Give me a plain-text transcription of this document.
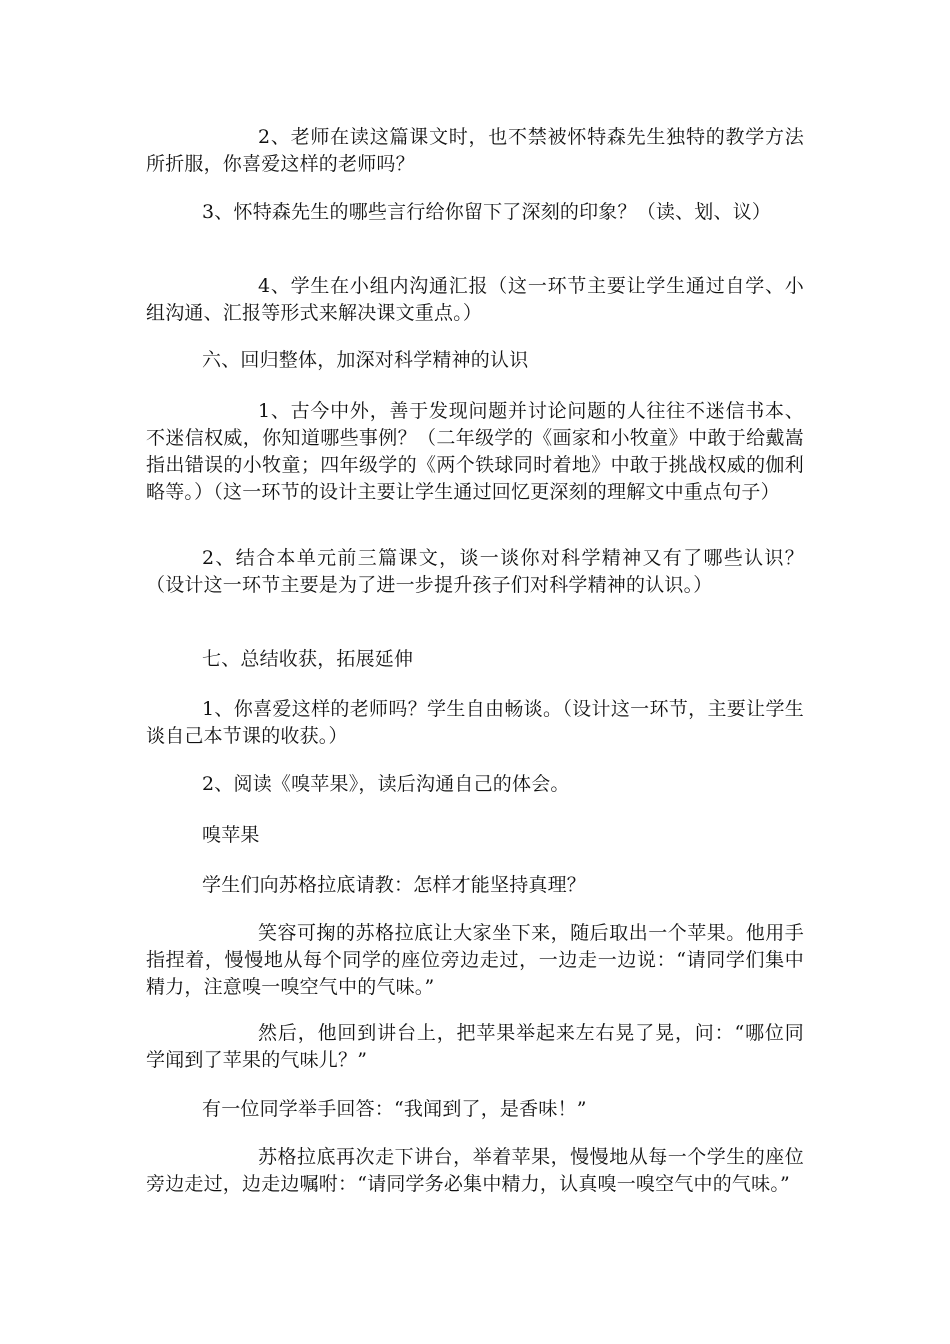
2、老师在读这篇课文时，也不禁被怀特森先生独特的教学方法所折服，你喜爱这样的老师吗？

3、怀特森先生的哪些言行给你留下了深刻的印象？（读、划、议）

4、学生在小组内沟通汇报（这一环节主要让学生通过自学、小组沟通、汇报等形式来解决课文重点。）

六、回归整体，加深对科学精神的认识

1、古今中外，善于发现问题并讨论问题的人往往不迷信书本、不迷信权威，你知道哪些事例？（二年级学的《画家和小牧童》中敢于给戴嵩指出错误的小牧童；四年级学的《两个铁球同时着地》中敢于挑战权威的伽利略等。）（这一环节的设计主要让学生通过回忆更深刻的理解文中重点句子）

2、结合本单元前三篇课文，谈一谈你对科学精神又有了哪些认识？（设计这一环节主要是为了进一步提升孩子们对科学精神的认识。）

七、总结收获，拓展延伸

1、你喜爱这样的老师吗？学生自由畅谈。（设计这一环节，主要让学生谈自己本节课的收获。）

2、阅读《嗅苹果》，读后沟通自己的体会。

嗅苹果

学生们向苏格拉底请教：怎样才能坚持真理？

笑容可掬的苏格拉底让大家坐下来，随后取出一个苹果。他用手指捏着，慢慢地从每个同学的座位旁边走过，一边走一边说：“请同学们集中精力，注意嗅一嗅空气中的气味。”

然后，他回到讲台上，把苹果举起来左右晃了晃，问：“哪位同学闻到了苹果的气味儿？”

有一位同学举手回答：“我闻到了，是香味！”

苏格拉底再次走下讲台，举着苹果，慢慢地从每一个学生的座位旁边走过，边走边嘱咐：“请同学务必集中精力，认真嗅一嗅空气中的气味。”
